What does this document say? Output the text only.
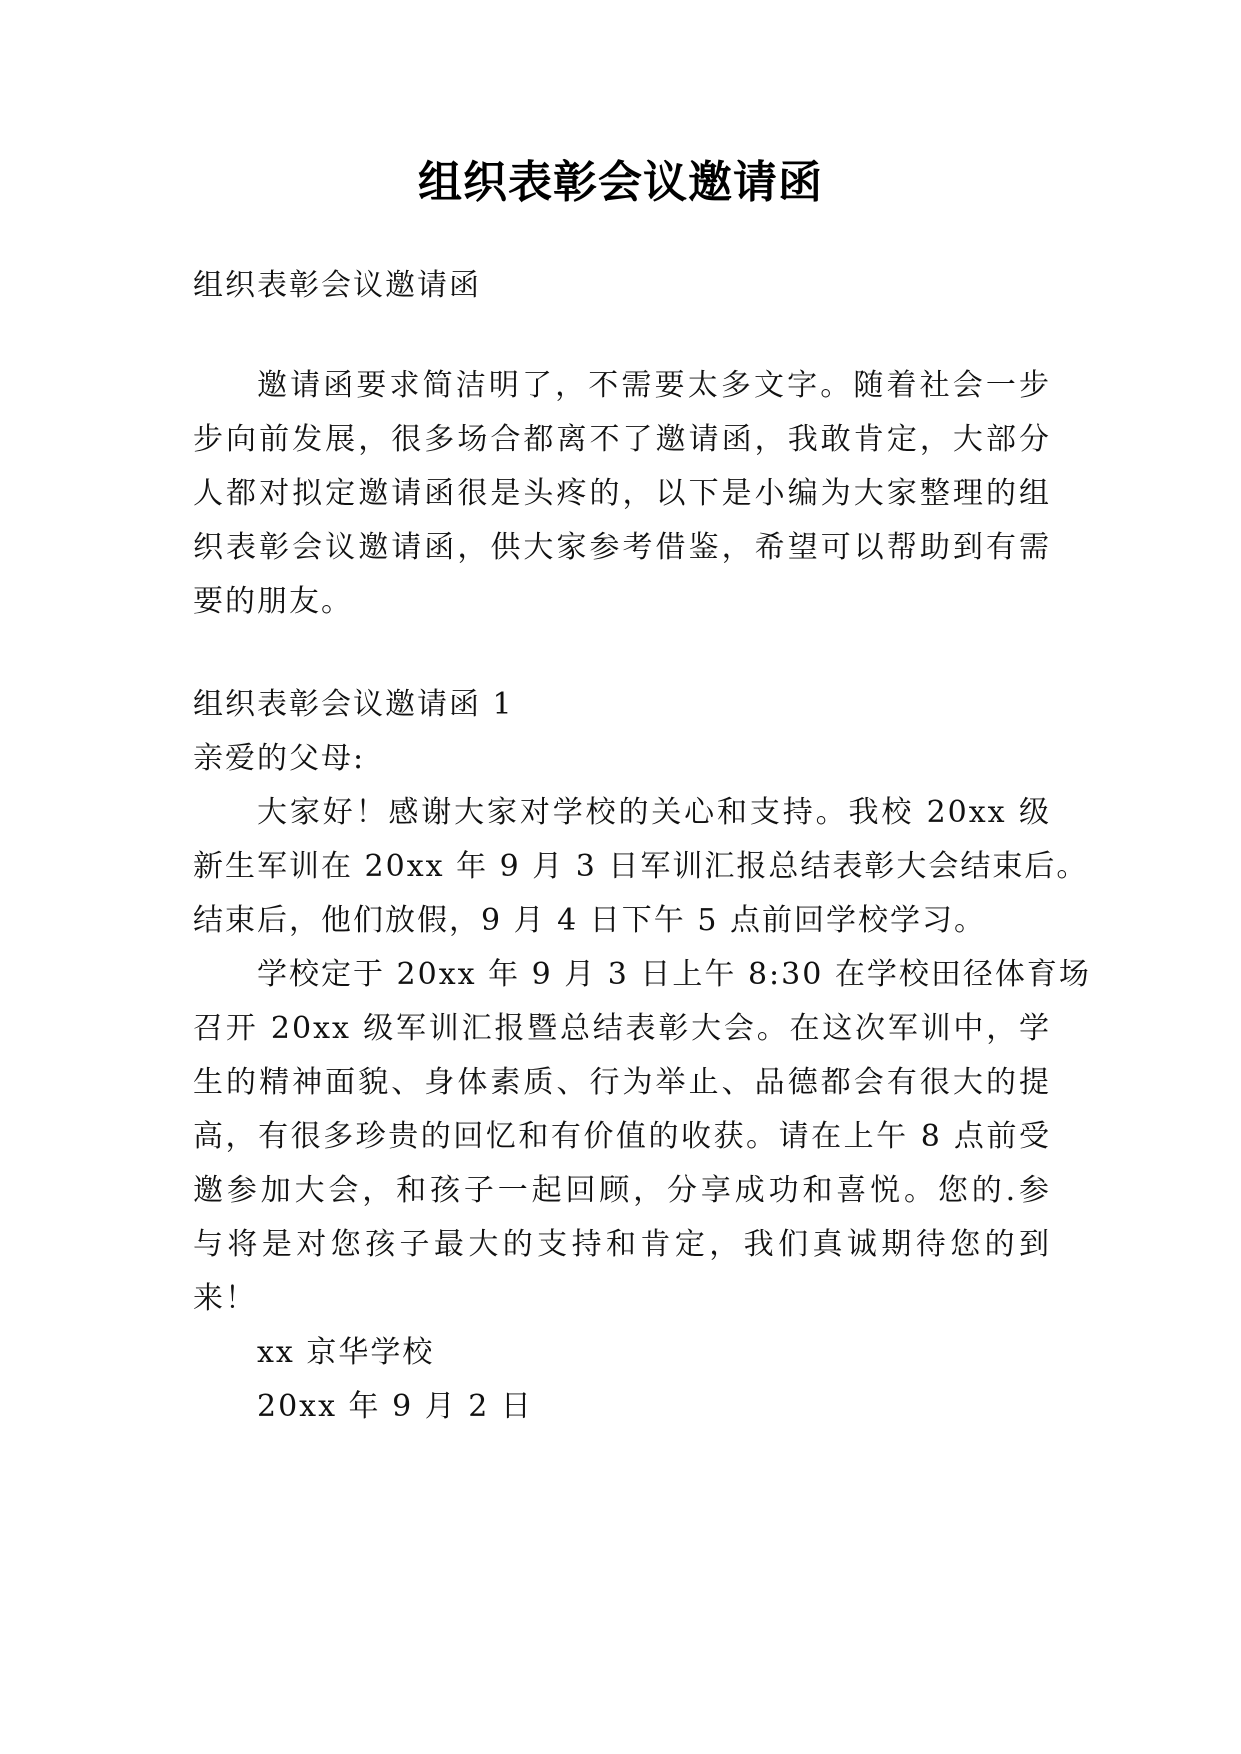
组织表彰会议邀请函
组织表彰会议邀请函
邀请函要求简洁明了，不需要太多文字。随着社会一步
步向前发展，很多场合都离不了邀请函，我敢肯定，大部分
人都对拟定邀请函很是头疼的，以下是小编为大家整理的组
织表彰会议邀请函，供大家参考借鉴，希望可以帮助到有需
要的朋友。
组织表彰会议邀请函 1
亲爱的父母:
大家好！感谢大家对学校的关心和支持。我校 20xx 级
新生军训在 20xx 年 9 月 3 日军训汇报总结表彰大会结束后。
结束后，他们放假，9 月 4 日下午 5 点前回学校学习。
学校定于 20xx 年 9 月 3 日上午 8:30 在学校田径体育场
召开 20xx 级军训汇报暨总结表彰大会。在这次军训中，学
生的精神面貌、身体素质、行为举止、品德都会有很大的提
高，有很多珍贵的回忆和有价值的收获。请在上午 8 点前受
邀参加大会，和孩子一起回顾，分享成功和喜悦。您的.参
与将是对您孩子最大的支持和肯定，我们真诚期待您的到
来！
xx 京华学校
20xx 年 9 月 2 日
